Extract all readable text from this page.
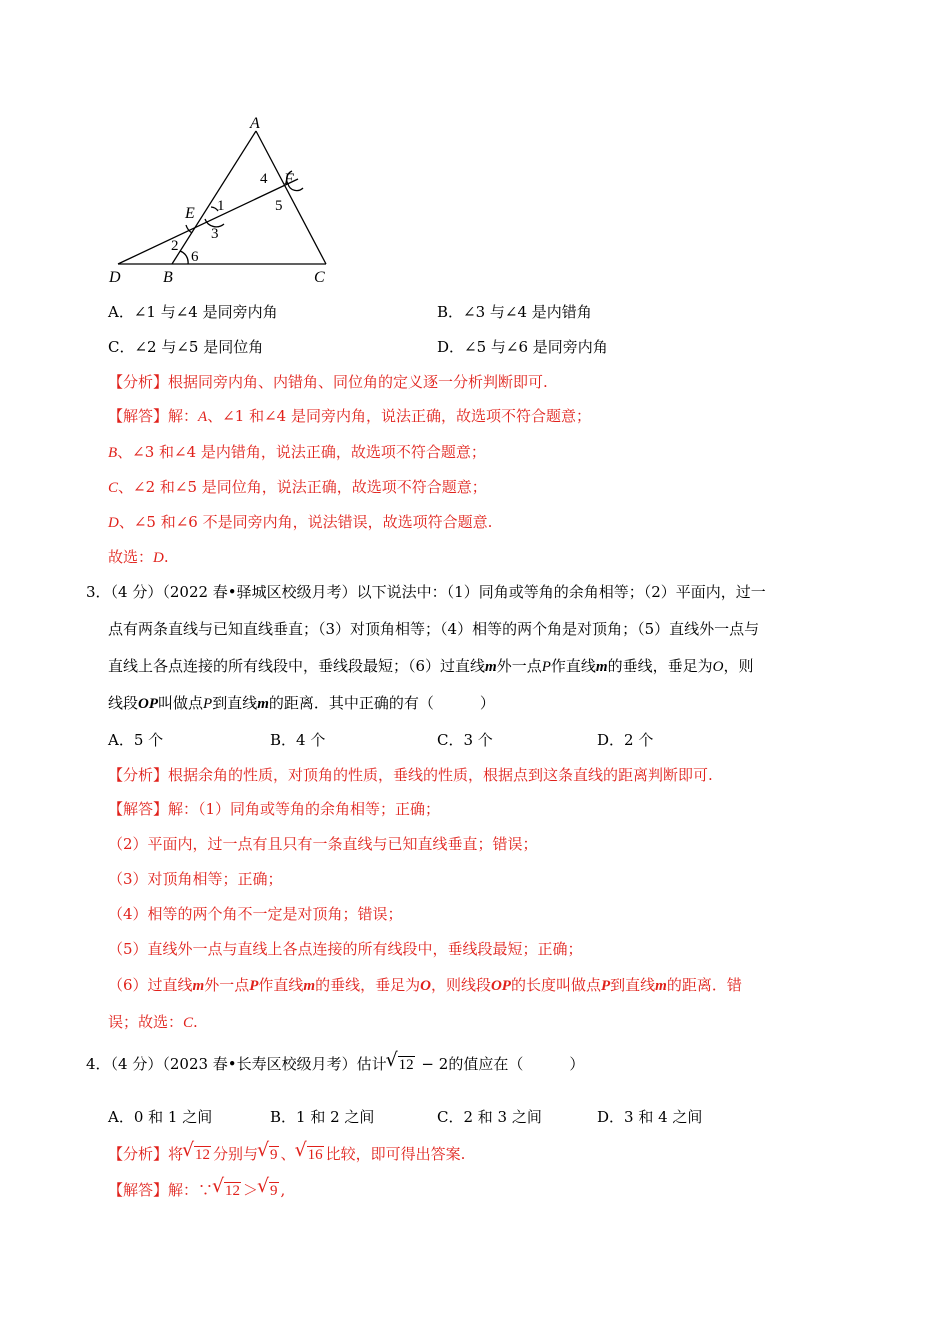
A
F
E
D	B	C
4
5
1
3
2
6
A．∠1 与∠4 是同旁内角	B．∠3 与∠4 是内错角
C．∠2 与∠5 是同位角	D．∠5 与∠6 是同旁内角
【分析】根据同旁内角、内错角、同位角的定义逐一分析判断即可.
【解答】解：A、∠1 和∠4 是同旁内角，说法正确，故选项不符合题意；
B、∠3 和∠4 是内错角，说法正确，故选项不符合题意；
C、∠2 和∠5 是同位角，说法正确，故选项不符合题意；
D、∠5 和∠6 不是同旁内角，说法错误，故选项符合题意.
故选：D.
3．（4 分）（2022 春•驿城区校级月考）以下说法中：（1）同角或等角的余角相等；（2）平面内，过一
点有两条直线与已知直线垂直；（3）对顶角相等；（4）相等的两个角是对顶角；（5）直线外一点与
直线上各点连接的所有线段中，垂线段最短；（6）过直线m外一点P作直线m的垂线，垂足为O，则
线段OP叫做点P到直线m的距离．其中正确的有（	）
A．5 个	B．4 个	C．3 个	D．2 个
【分析】根据余角的性质，对顶角的性质，垂线的性质，根据点到这条直线的距离判断即可.
【解答】解：（1）同角或等角的余角相等；正确；
（2）平面内，过一点有且只有一条直线与已知直线垂直；错误；
（3）对顶角相等；正确；
（4）相等的两个角不一定是对顶角；错误；
（5）直线外一点与直线上各点连接的所有线段中，垂线段最短；正确；
（6）过直线m外一点P作直线m的垂线，垂足为O，则线段OP的长度叫做点P到直线m的距离．错
误；故选：C.
4．（4 分）（2023 春•长寿区校级月考）估计 √ 12 − 2的值应在（	）
A．0 和 1 之间	B．1 和 2 之间	C．2 和 3 之间	D．3 和 4 之间
【分析】将 √ 12 分别与 √ 9 、 √ 16 比较，即可得出答案.
【解答】解：∵ √ 12 ＞ √ 9 ,
